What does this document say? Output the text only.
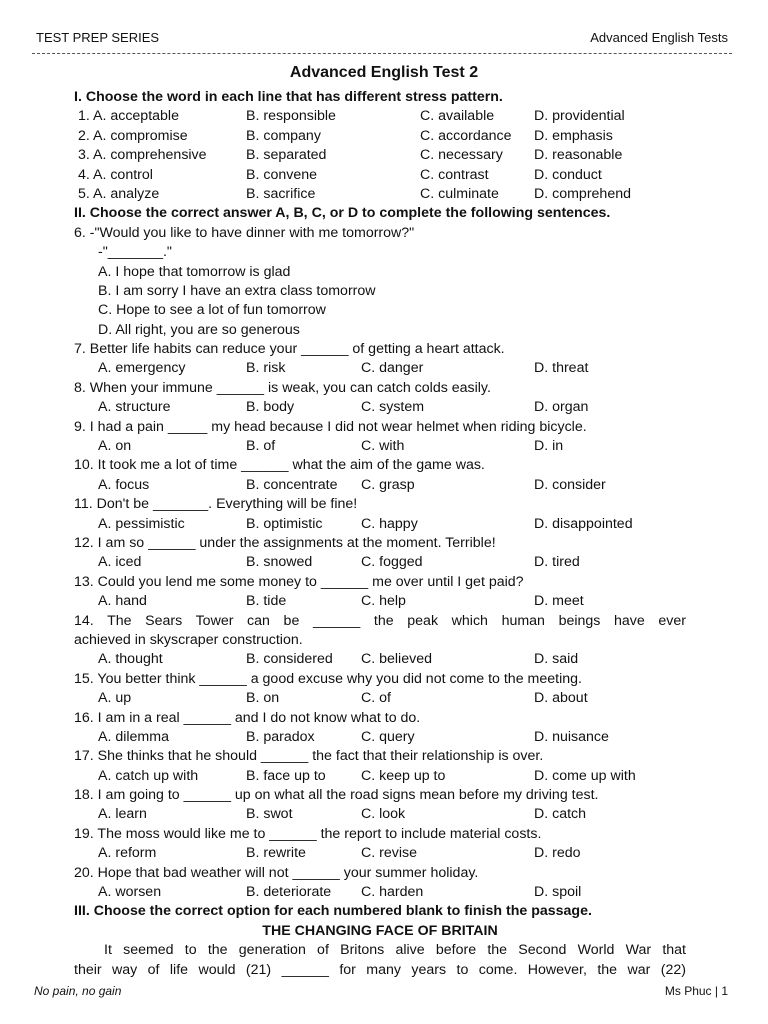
TEST PREP SERIES	Advanced English Tests
Advanced English Test 2
I. Choose the word in each line that has different stress pattern.
1. A. acceptable	B. responsible	C. available	D. providential
2. A. compromise	B. company	C. accordance D. emphasis
3. A. comprehensive	B. separated	C. necessary D. reasonable
4. A. control	B. convene	C. contrast	D. conduct
5. A. analyze	B. sacrifice	C. culminate D. comprehend
II. Choose the correct answer A, B, C, or D to complete the following sentences.
6. -"Would you like to have dinner with me tomorrow?"
-"_______."
A. I hope that tomorrow is glad
B. I am sorry I have an extra class tomorrow
C. Hope to see a lot of fun tomorrow
D. All right, you are so generous
7. Better life habits can reduce your ______ of getting a heart attack.
A. emergency	B. risk	C. danger	D. threat
8. When your immune ______ is weak, you can catch colds easily.
A. structure	B. body	C. system	D. organ
9. I had a pain _____ my head because I did not wear helmet when riding bicycle.
A. on	B. of	C. with	D. in
10. It took me a lot of time ______ what the aim of the game was.
A. focus	B. concentrate C. grasp	D. consider
11. Don't be _______. Everything will be fine!
A. pessimistic	B. optimistic	C. happy	D. disappointed
12. I am so ______ under the assignments at the moment. Terrible!
A. iced	B. snowed	C. fogged	D. tired
13. Could you lend me some money to ______ me over until I get paid?
A. hand	B. tide	C. help	D. meet
14. The Sears Tower can be ______ the peak which human beings have ever
achieved in skyscraper construction.
A. thought	B. considered C. believed	D. said
15. You better think ______ a good excuse why you did not come to the meeting.
A. up	B. on	C. of	D. about
16. I am in a real ______ and I do not know what to do.
A. dilemma	B. paradox	C. query	D. nuisance
17. She thinks that he should ______ the fact that their relationship is over.
A. catch up with	B. face up to C. keep up to	D. come up with
18. I am going to ______ up on what all the road signs mean before my driving test.
A. learn	B. swot	C. look	D. catch
19. The moss would like me to ______ the report to include material costs.
A. reform	B. rewrite	C. revise	D. redo
20. Hope that bad weather will not ______ your summer holiday.
A. worsen	B. deteriorate C. harden	D. spoil
III. Choose the correct option for each numbered blank to finish the passage.
THE CHANGING FACE OF BRITAIN
It seemed to the generation of Britons alive before the Second World War that
their way of life would (21) ______ for many years to come. However, the war (22)
No pain, no gain	Ms Phuc | 1
